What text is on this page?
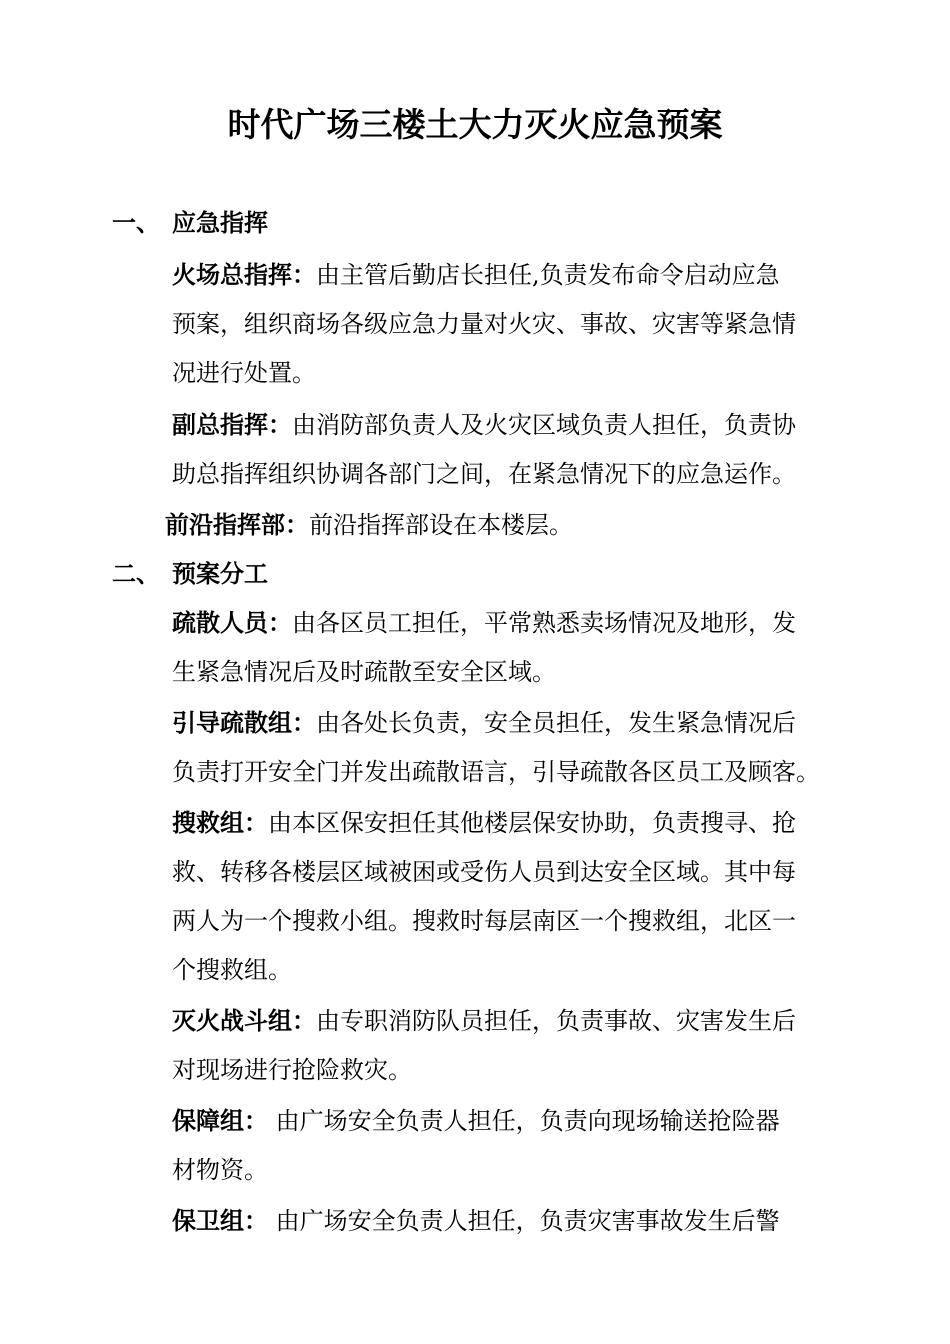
时代广场三楼土大力灭火应急预案
一、 应急指挥
火场总指挥：由主管后勤店长担任,负责发布命令启动应急
预案，组织商场各级应急力量对火灾、事故、灾害等紧急情
况进行处置。
副总指挥：由消防部负责人及火灾区域负责人担任，负责协
助总指挥组织协调各部门之间，在紧急情况下的应急运作。
前沿指挥部：前沿指挥部设在本楼层。
二、 预案分工
疏散人员：由各区员工担任，平常熟悉卖场情况及地形，发
生紧急情况后及时疏散至安全区域。
引导疏散组：由各处长负责，安全员担任，发生紧急情况后
负责打开安全门并发出疏散语言，引导疏散各区员工及顾客。
搜救组：由本区保安担任其他楼层保安协助，负责搜寻、抢
救、转移各楼层区域被困或受伤人员到达安全区域。其中每
两人为一个搜救小组。搜救时每层南区一个搜救组，北区一
个搜救组。
灭火战斗组：由专职消防队员担任，负责事故、灾害发生后
对现场进行抢险救灾。
保障组： 由广场安全负责人担任，负责向现场输送抢险器
材物资。
保卫组： 由广场安全负责人担任，负责灾害事故发生后警
